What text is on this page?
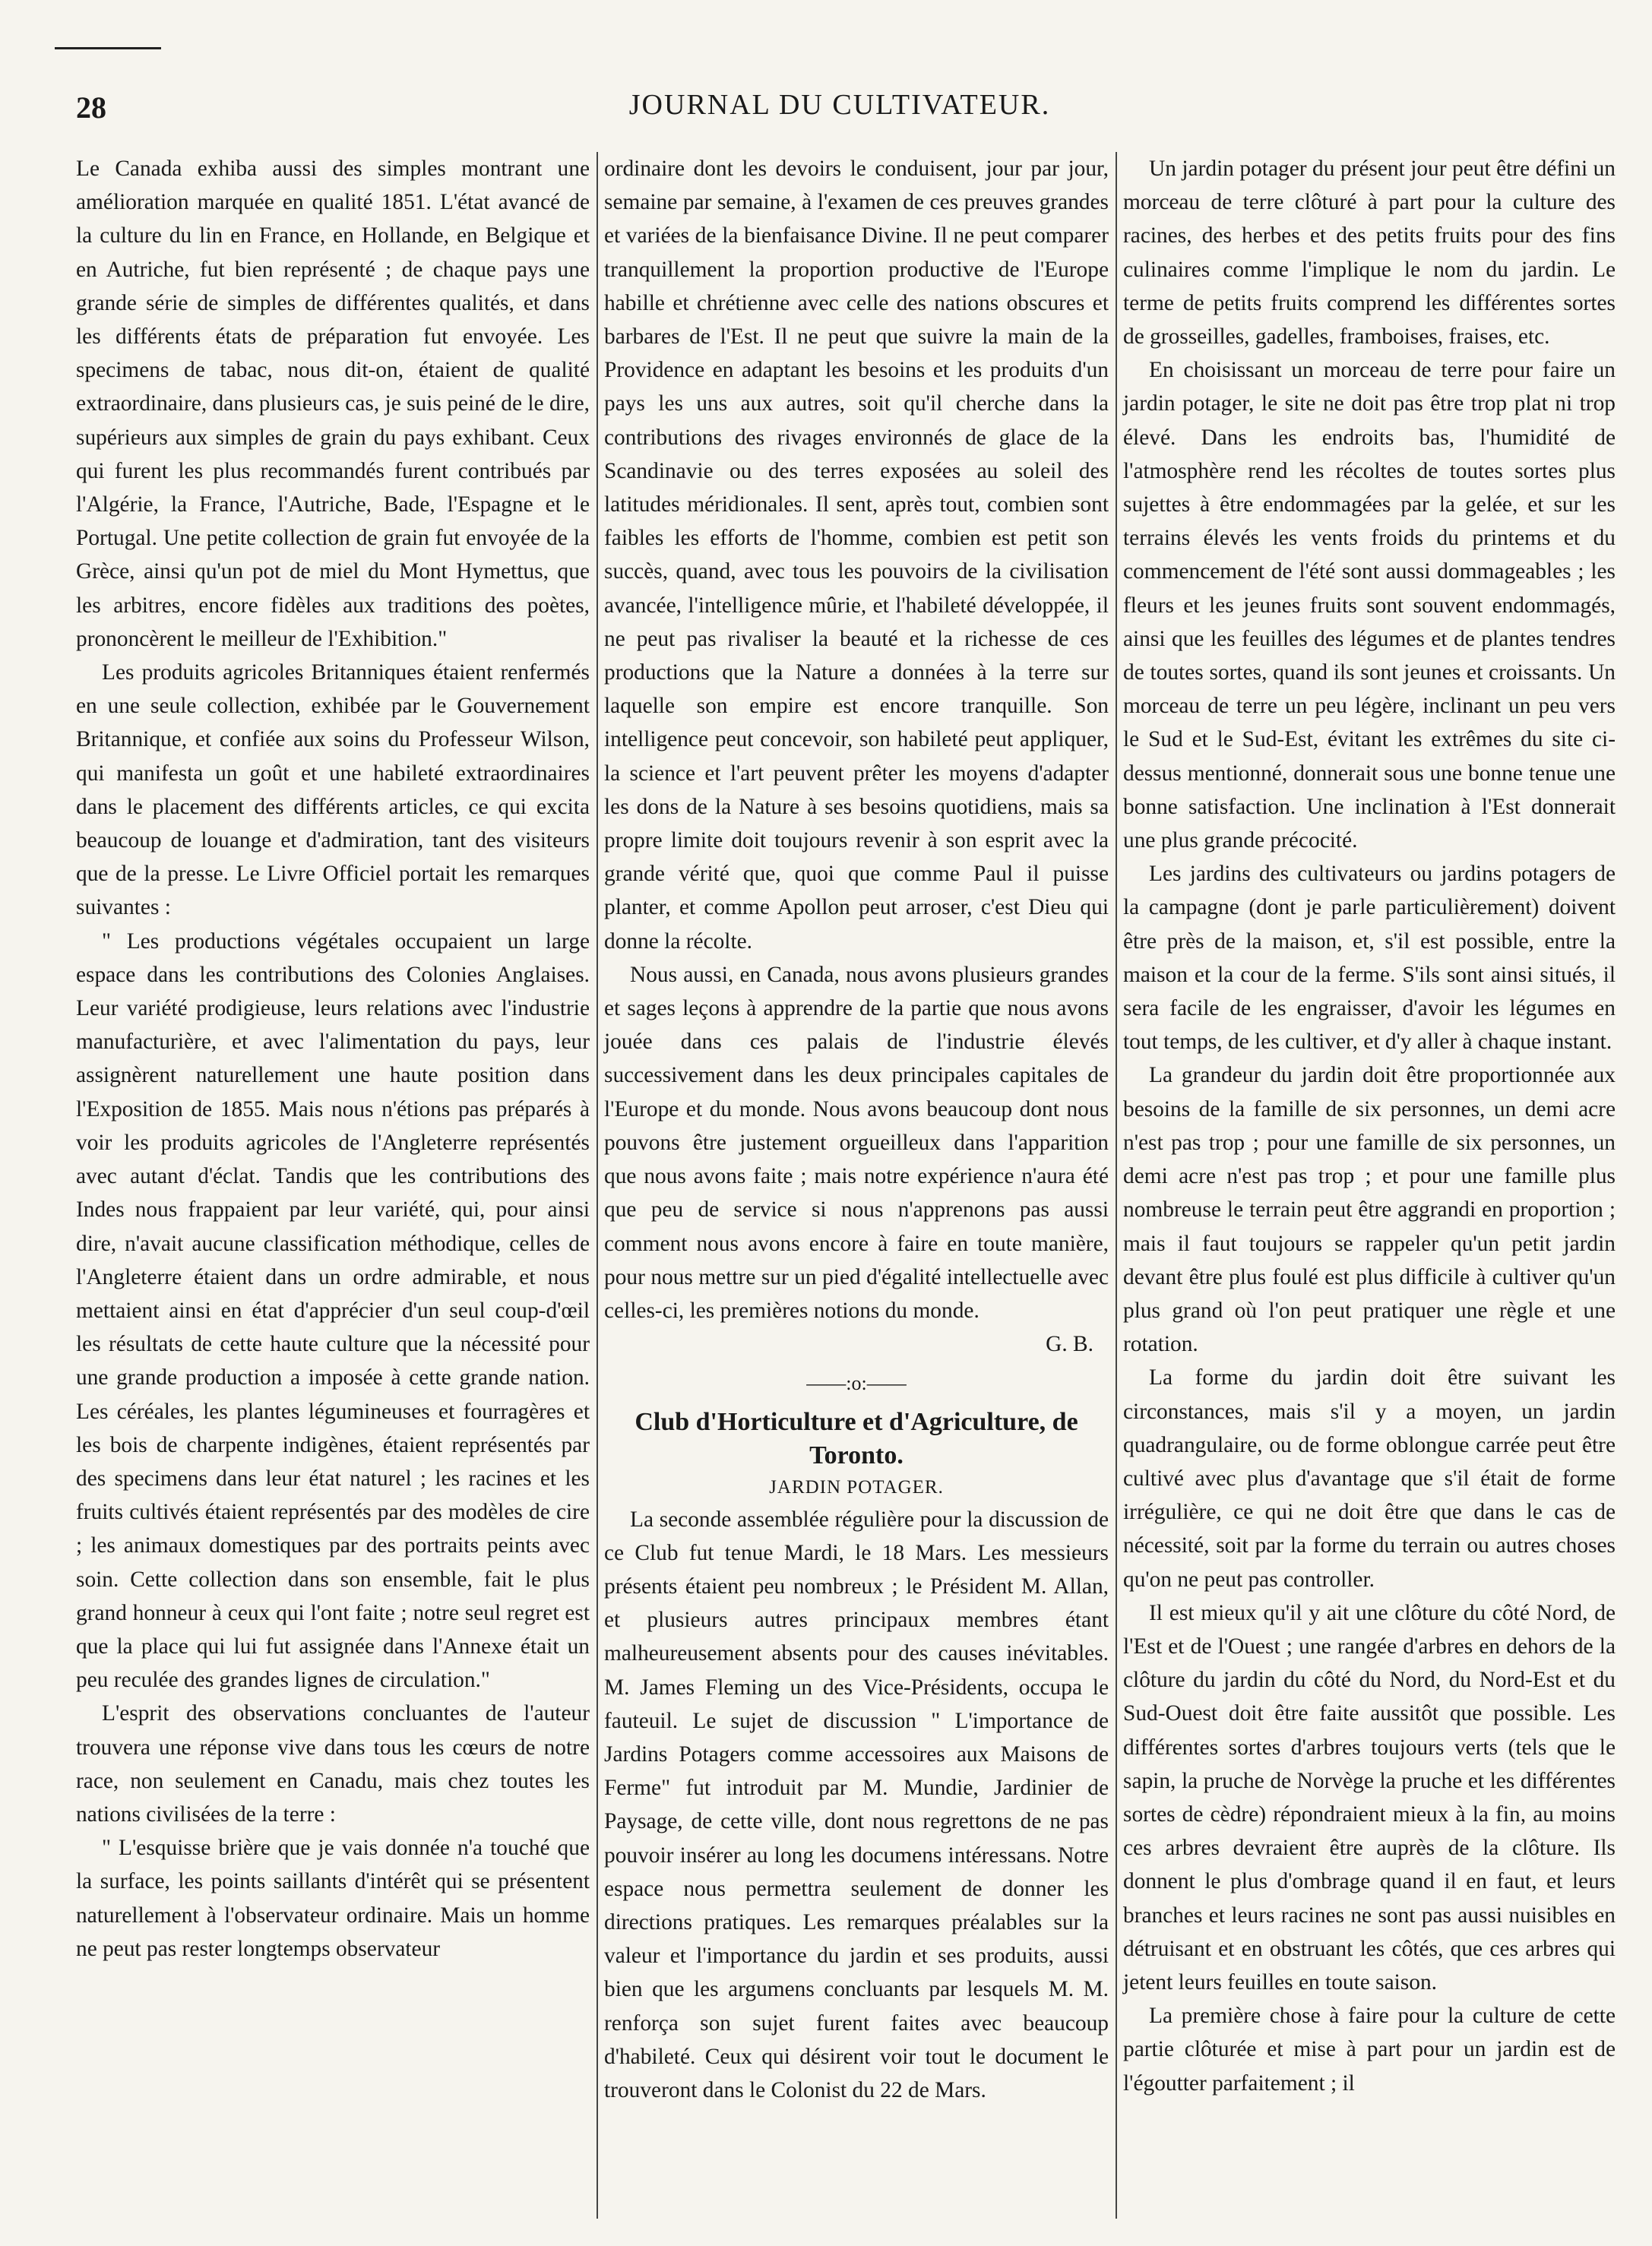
28	JOURNAL DU CULTIVATEUR.

Le Canada exhiba aussi des simples montrant une amélioration marquée en qualité 1851. L'état avancé de la culture du lin en France, en Hollande, en Belgique et en Autriche, fut bien représenté ; de chaque pays une grande série de simples de différentes qualités, et dans les différents états de préparation fut envoyée. Les specimens de tabac, nous dit-on, étaient de qualité extraordinaire, dans plusieurs cas, je suis peiné de le dire, supérieurs aux simples de grain du pays exhibant. Ceux qui furent les plus recommandés furent contribués par l'Algérie, la France, l'Autriche, Bade, l'Espagne et le Portugal. Une petite collection de grain fut envoyée de la Grèce, ainsi qu'un pot de miel du Mont Hymettus, que les arbitres, encore fidèles aux traditions des poètes, prononcèrent le meilleur de l'Exhibition."

Les produits agricoles Britanniques étaient renfermés en une seule collection, exhibée par le Gouvernement Britannique, et confiée aux soins du Professeur Wilson, qui manifesta un goût et une habileté extraordinaires dans le placement des différents articles, ce qui excita beaucoup de louange et d'admiration, tant des visiteurs que de la presse. Le Livre Officiel portait les remarques suivantes :

" Les productions végétales occupaient un large espace dans les contributions des Colonies Anglaises. Leur variété prodigieuse, leurs relations avec l'industrie manufacturière, et avec l'alimentation du pays, leur assignèrent naturellement une haute position dans l'Exposition de 1855. Mais nous n'étions pas préparés à voir les produits agricoles de l'Angleterre représentés avec autant d'éclat. Tandis que les contributions des Indes nous frappaient par leur variété, qui, pour ainsi dire, n'avait aucune classification méthodique, celles de l'Angleterre étaient dans un ordre admirable, et nous mettaient ainsi en état d'apprécier d'un seul coup-d'œil les résultats de cette haute culture que la nécessité pour une grande production a imposée à cette grande nation. Les céréales, les plantes légumineuses et fourragères et les bois de charpente indigènes, étaient représentés par des specimens dans leur état naturel ; les racines et les fruits cultivés étaient représentés par des modèles de cire ; les animaux domestiques par des portraits peints avec soin. Cette collection dans son ensemble, fait le plus grand honneur à ceux qui l'ont faite ; notre seul regret est que la place qui lui fut assignée dans l'Annexe était un peu reculée des grandes lignes de circulation."

L'esprit des observations concluantes de l'auteur trouvera une réponse vive dans tous les cœurs de notre race, non seulement en Canadu, mais chez toutes les nations civilisées de la terre :

" L'esquisse brière que je vais donnée n'a touché que la surface, les points saillants d'intérêt qui se présentent naturellement à l'observateur ordinaire. Mais un homme ne peut pas rester longtemps observateur

ordinaire dont les devoirs le conduisent, jour par jour, semaine par semaine, à l'examen de ces preuves grandes et variées de la bienfaisance Divine. Il ne peut comparer tranquillement la proportion productive de l'Europe habille et chrétienne avec celle des nations obscures et barbares de l'Est. Il ne peut que suivre la main de la Providence en adaptant les besoins et les produits d'un pays les uns aux autres, soit qu'il cherche dans la contributions des rivages environnés de glace de la Scandinavie ou des terres exposées au soleil des latitudes méridionales. Il sent, après tout, combien sont faibles les efforts de l'homme, combien est petit son succès, quand, avec tous les pouvoirs de la civilisation avancée, l'intelligence mûrie, et l'habileté développée, il ne peut pas rivaliser la beauté et la richesse de ces productions que la Nature a données à la terre sur laquelle son empire est encore tranquille. Son intelligence peut concevoir, son habileté peut appliquer, la science et l'art peuvent prêter les moyens d'adapter les dons de la Nature à ses besoins quotidiens, mais sa propre limite doit toujours revenir à son esprit avec la grande vérité que, quoi que comme Paul il puisse planter, et comme Apollon peut arroser, c'est Dieu qui donne la récolte.

Nous aussi, en Canada, nous avons plusieurs grandes et sages leçons à apprendre de la partie que nous avons jouée dans ces palais de l'industrie élevés successivement dans les deux principales capitales de l'Europe et du monde. Nous avons beaucoup dont nous pouvons être justement orgueilleux dans l'apparition que nous avons faite ; mais notre expérience n'aura été que peu de service si nous n'apprenons pas aussi comment nous avons encore à faire en toute manière, pour nous mettre sur un pied d'égalité intellectuelle avec celles-ci, les premières notions du monde.

G. B.
——:o:——
Club d'Horticulture et d'Agriculture, de Toronto.
JARDIN POTAGER.

La seconde assemblée régulière pour la discussion de ce Club fut tenue Mardi, le 18 Mars. Les messieurs présents étaient peu nombreux ; le Président M. Allan, et plusieurs autres principaux membres étant malheureusement absents pour des causes inévitables. M. James Fleming un des Vice-Présidents, occupa le fauteuil. Le sujet de discussion " L'importance de Jardins Potagers comme accessoires aux Maisons de Ferme" fut introduit par M. Mundie, Jardinier de Paysage, de cette ville, dont nous regrettons de ne pas pouvoir insérer au long les documens intéressans. Notre espace nous permettra seulement de donner les directions pratiques. Les remarques préalables sur la valeur et l'importance du jardin et ses produits, aussi bien que les argumens concluants par lesquels M. M. renforça son sujet furent faites avec beaucoup d'habileté. Ceux qui désirent voir tout le document le trouveront dans le Colonist du 22 de Mars.

Un jardin potager du présent jour peut être défini un morceau de terre clôturé à part pour la culture des racines, des herbes et des petits fruits pour des fins culinaires comme l'implique le nom du jardin. Le terme de petits fruits comprend les différentes sortes de grosseilles, gadelles, framboises, fraises, etc.

En choisissant un morceau de terre pour faire un jardin potager, le site ne doit pas être trop plat ni trop élevé. Dans les endroits bas, l'humidité de l'atmosphère rend les récoltes de toutes sortes plus sujettes à être endommagées par la gelée, et sur les terrains élevés les vents froids du printems et du commencement de l'été sont aussi dommageables ; les fleurs et les jeunes fruits sont souvent endommagés, ainsi que les feuilles des légumes et de plantes tendres de toutes sortes, quand ils sont jeunes et croissants. Un morceau de terre un peu légère, inclinant un peu vers le Sud et le Sud-Est, évitant les extrêmes du site ci-dessus mentionné, donnerait sous une bonne tenue une bonne satisfaction. Une inclination à l'Est donnerait une plus grande précocité.

Les jardins des cultivateurs ou jardins potagers de la campagne (dont je parle particulièrement) doivent être près de la maison, et, s'il est possible, entre la maison et la cour de la ferme. S'ils sont ainsi situés, il sera facile de les engraisser, d'avoir les légumes en tout temps, de les cultiver, et d'y aller à chaque instant.

La grandeur du jardin doit être proportionnée aux besoins de la famille de six personnes, un demi acre n'est pas trop ; pour une famille de six personnes, un demi acre n'est pas trop ; et pour une famille plus nombreuse le terrain peut être aggrandi en proportion ; mais il faut toujours se rappeler qu'un petit jardin devant être plus foulé est plus difficile à cultiver qu'un plus grand où l'on peut pratiquer une règle et une rotation.

La forme du jardin doit être suivant les circonstances, mais s'il y a moyen, un jardin quadrangulaire, ou de forme oblongue carrée peut être cultivé avec plus d'avantage que s'il était de forme irrégulière, ce qui ne doit être que dans le cas de nécessité, soit par la forme du terrain ou autres choses qu'on ne peut pas controller.

Il est mieux qu'il y ait une clôture du côté Nord, de l'Est et de l'Ouest ; une rangée d'arbres en dehors de la clôture du jardin du côté du Nord, du Nord-Est et du Sud-Ouest doit être faite aussitôt que possible. Les différentes sortes d'arbres toujours verts (tels que le sapin, la pruche de Norvège la pruche et les différentes sortes de cèdre) répondraient mieux à la fin, au moins ces arbres devraient être auprès de la clôture. Ils donnent le plus d'ombrage quand il en faut, et leurs branches et leurs racines ne sont pas aussi nuisibles en détruisant et en obstruant les côtés, que ces arbres qui jetent leurs feuilles en toute saison.

La première chose à faire pour la culture de cette partie clôturée et mise à part pour un jardin est de l'égoutter parfaitement ; il
